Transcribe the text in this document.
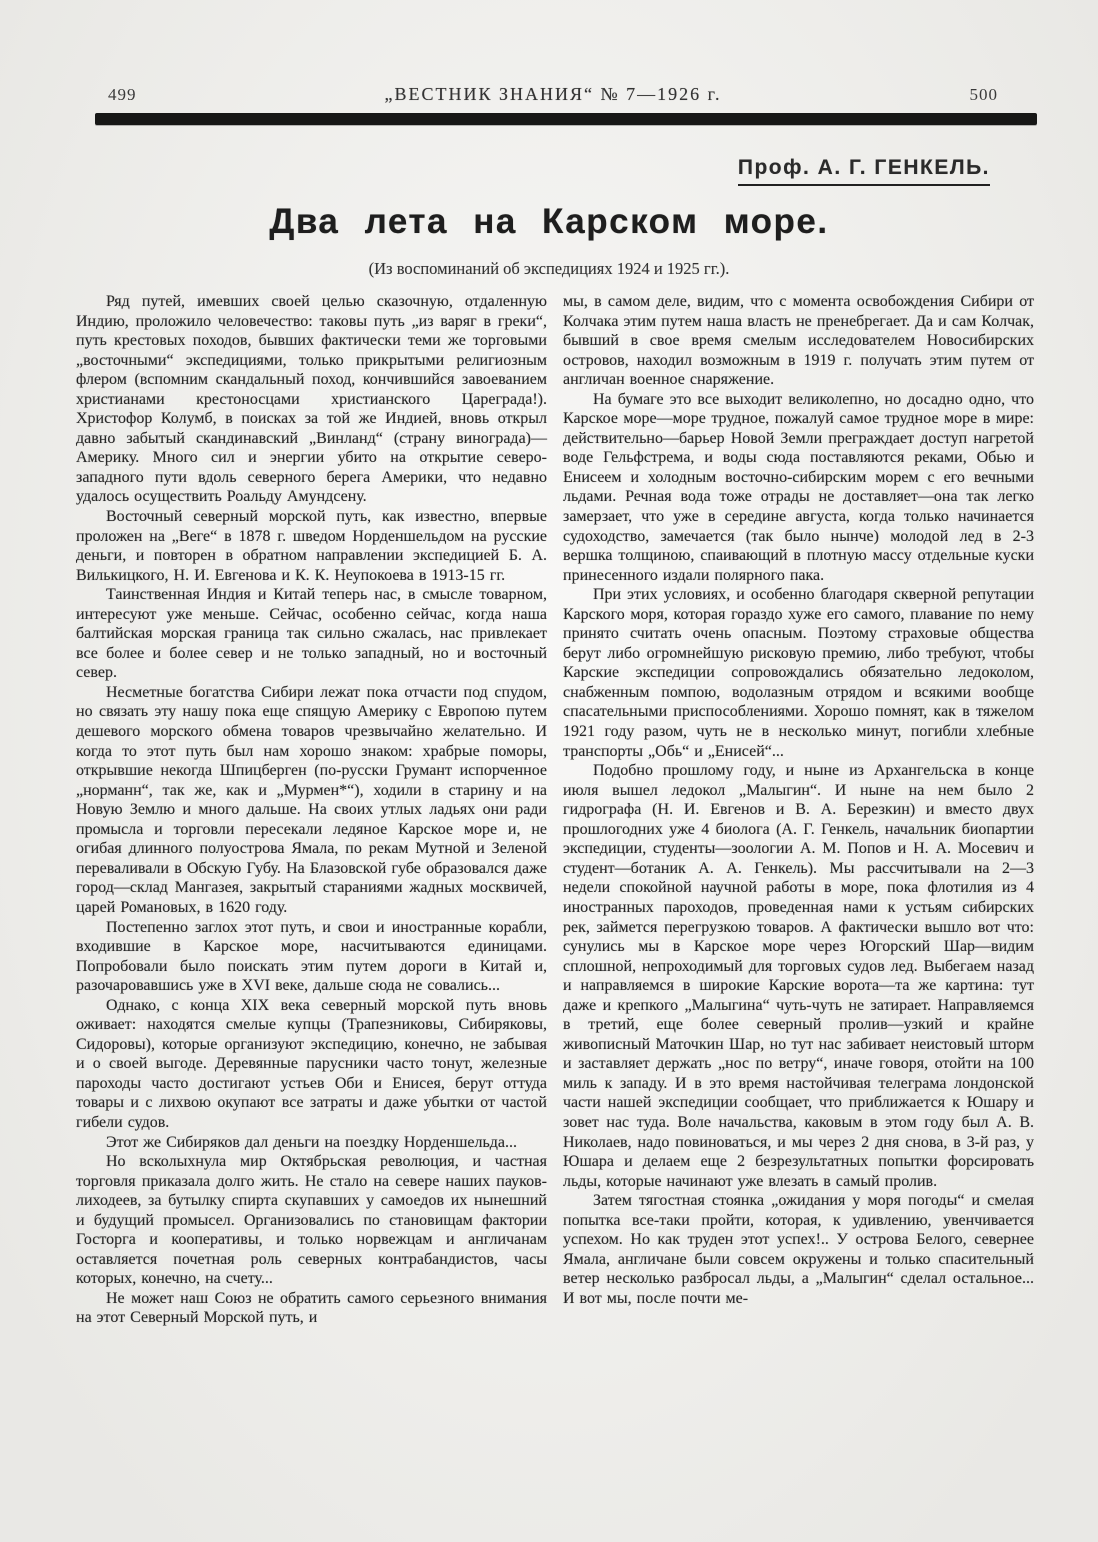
499	„ВЕСТНИК ЗНАНИЯ“ № 7—1926 г.	500
Проф. А. Г. ГЕНКЕЛЬ.
Два лета на Карском море.
(Из воспоминаний об экспедициях 1924 и 1925 гг.).

Ряд путей, имевших своей целью сказочную, отдаленную Индию, проложило человечество: таковы путь „из варяг в греки“, путь крестовых походов, бывших фактически теми же торговыми „восточными“ экспедициями, только прикрытыми религиозным флером (вспомним скандальный поход, кончившийся завоеванием христианами крестоносцами христианского Цареграда!). Христофор Колумб, в поисках за той же Индией, вновь открыл давно забытый скандинавский „Винланд“ (страну винограда)—Америку. Много сил и энергии убито на открытие северо-западного пути вдоль северного берега Америки, что недавно удалось осуществить Роальду Амундсену.

Восточный северный морской путь, как известно, впервые проложен на „Веге“ в 1878 г. шведом Норденшельдом на русские деньги, и повторен в обратном направлении экспедицией Б. А. Вилькицкого, Н. И. Евгенова и К. К. Неупокоева в 1913-15 гг.

Таинственная Индия и Китай теперь нас, в смысле товарном, интересуют уже меньше. Сейчас, особенно сейчас, когда наша балтийская морская граница так сильно сжалась, нас привлекает все более и более север и не только западный, но и восточный север.

Несметные богатства Сибири лежат пока отчасти под спудом, но связать эту нашу пока еще спящую Америку с Европою путем дешевого морского обмена товаров чрезвычайно желательно. И когда то этот путь был нам хорошо знаком: храбрые поморы, открывшие некогда Шпицберген (по-русски Грумант испорченное „норманн“, так же, как и „Мурмен*“), ходили в старину и на Новую Землю и много дальше. На своих утлых ладьях они ради промысла и торговли пересекали ледяное Карское море и, не огибая длинного полуострова Ямала, по рекам Мутной и Зеленой переваливали в Обскую Губу. На Блазовской губе образовался даже город—склад Мангазея, закрытый стараниями жадных москвичей, царей Романовых, в 1620 году.

Постепенно заглох этот путь, и свои и иностранные корабли, входившие в Карское море, насчитываются единицами. Попробовали было поискать этим путем дороги в Китай и, разочаровавшись уже в XVI веке, дальше сюда не совались...

Однако, с конца XIX века северный морской путь вновь оживает: находятся смелые купцы (Трапезниковы, Сибиряковы, Сидоровы), которые организуют экспедицию, конечно, не забывая и о своей выгоде. Деревянные парусники часто тонут, железные пароходы часто достигают устьев Оби и Енисея, берут оттуда товары и с лихвою окупают все затраты и даже убытки от частой гибели судов.

Этот же Сибиряков дал деньги на поездку Норденшельда...

Но всколыхнула мир Октябрьская революция, и частная торговля приказала долго жить. Не стало на севере наших пауков-лиходеев, за бутылку спирта скупавших у самоедов их нынешний и будущий промысел. Организовались по становищам фактории Госторга и кооперативы, и только норвежцам и англичанам оставляется почетная роль северных контрабандистов, часы которых, конечно, на счету...

Не может наш Союз не обратить самого серьезного внимания на этот Северный Морской путь, и

мы, в самом деле, видим, что с момента освобождения Сибири от Колчака этим путем наша власть не пренебрегает. Да и сам Колчак, бывший в свое время смелым исследователем Новосибирских островов, находил возможным в 1919 г. получать этим путем от англичан военное снаряжение.

На бумаге это все выходит великолепно, но досадно одно, что Карское море—море трудное, пожалуй самое трудное море в мире: действительно—барьер Новой Земли преграждает доступ нагретой воде Гельфстрема, и воды сюда поставляются реками, Обью и Енисеем и холодным восточно-сибирским морем с его вечными льдами. Речная вода тоже отрады не доставляет—она так легко замерзает, что уже в середине августа, когда только начинается судоходство, замечается (так было нынче) молодой лед в 2-3 вершка толщиною, спаивающий в плотную массу отдельные куски принесенного издали полярного пака.

При этих условиях, и особенно благодаря скверной репутации Карского моря, которая гораздо хуже его самого, плавание по нему принято считать очень опасным. Поэтому страховые общества берут либо огромнейшую рисковую премию, либо требуют, чтобы Карские экспедиции сопровождались обязательно ледоколом, снабженным помпою, водолазным отрядом и всякими вообще спасательными приспособлениями. Хорошо помнят, как в тяжелом 1921 году разом, чуть не в несколько минут, погибли хлебные транспорты „Обь“ и „Енисей“...

Подобно прошлому году, и ныне из Архангельска в конце июля вышел ледокол „Малыгин“. И ныне на нем было 2 гидрографа (Н. И. Евгенов и В. А. Березкин) и вместо двух прошлогодних уже 4 биолога (А. Г. Генкель, начальник биопартии экспедиции, студенты—зоологии А. М. Попов и Н. А. Мосевич и студент—ботаник А. А. Генкель). Мы рассчитывали на 2—3 недели спокойной научной работы в море, пока флотилия из 4 иностранных пароходов, проведенная нами к устьям сибирских рек, займется перегрузкою товаров. А фактически вышло вот что: сунулись мы в Карское море через Югорский Шар—видим сплошной, непроходимый для торговых судов лед. Выбегаем назад и направляемся в широкие Карские ворота—та же картина: тут даже и крепкого „Малыгина“ чуть-чуть не затирает. Направляемся в третий, еще более северный пролив—узкий и крайне живописный Маточкин Шар, но тут нас забивает неистовый шторм и заставляет держать „нос по ветру“, иначе говоря, отойти на 100 миль к западу. И в это время настойчивая телеграма лондонской части нашей экспедиции сообщает, что приближается к Юшару и зовет нас туда. Воле начальства, каковым в этом году был А. В. Николаев, надо повиноваться, и мы через 2 дня снова, в 3-й раз, у Юшара и делаем еще 2 безрезультатных попытки форсировать льды, которые начинают уже влезать в самый пролив.

Затем тягостная стоянка „ожидания у моря погоды“ и смелая попытка все-таки пройти, которая, к удивлению, увенчивается успехом. Но как труден этот успех!.. У острова Белого, севернее Ямала, англичане были совсем окружены и только спасительный ветер несколько разбросал льды, а „Малыгин“ сделал остальное... И вот мы, после почти ме-
